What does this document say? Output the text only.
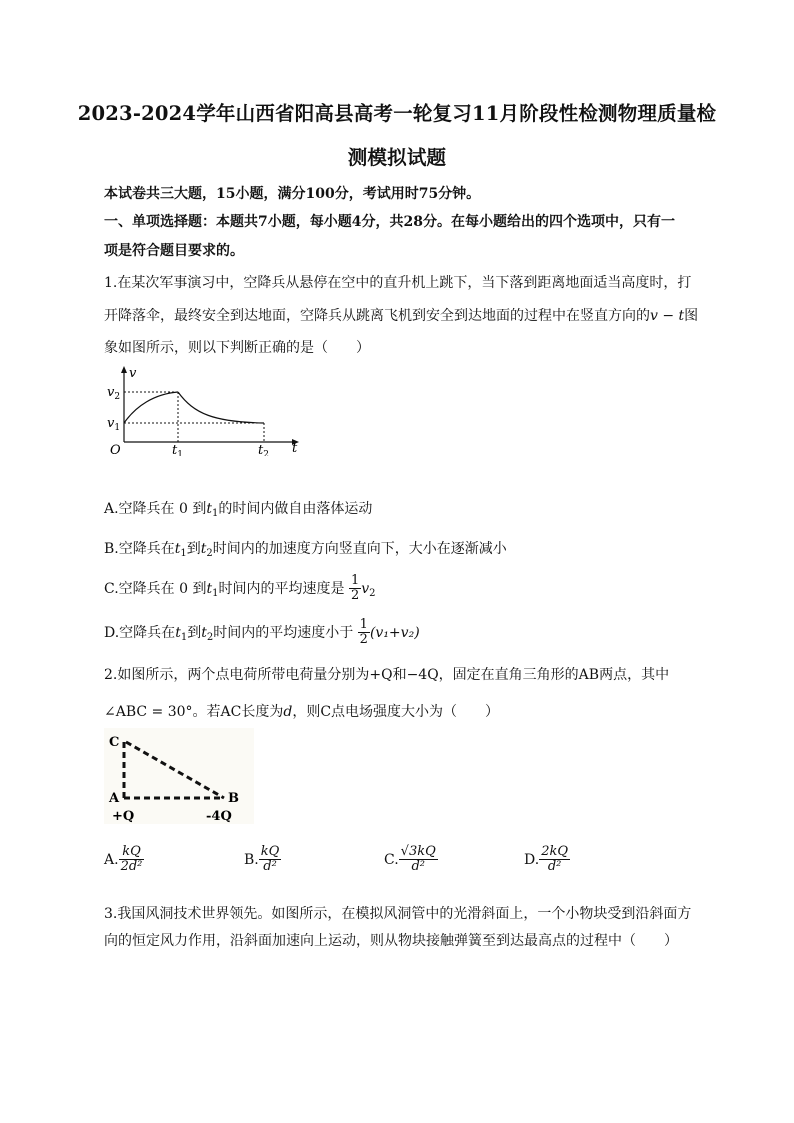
2023-2024学年山西省阳高县高考一轮复习11月阶段性检测物理质量检
测模拟试题
本试卷共三大题，15小题，满分100分，考试用时75分钟。
一、单项选择题：本题共7小题，每小题4分，共28分。在每小题给出的四个选项中，只有一
项是符合题目要求的。
1.在某次军事演习中，空降兵从悬停在空中的直升机上跳下，当下落到距离地面适当高度时，打
开降落伞，最终安全到达地面，空降兵从跳离飞机到安全到达地面的过程中在竖直方向的v − t图
象如图所示，则以下判断正确的是（　　）
v
t
O
$v_2$
$v_1$
$t_1$	$t_2$
A.空降兵在 0 到$t_1$的时间内做自由落体运动
B.空降兵在$t_1$到$t_2$时间内的加速度方向竖直向下，大小在逐渐减小
C.空降兵在 0 到$t_1$时间内的平均速度是 $\frac{1}{2} v_2$
D.空降兵在$t_1$到$t_2$时间内的平均速度小于 $\frac{1}{2} (v_1+v_2)$
2.如图所示，两个点电荷所带电荷量分别为+Q和−4Q，固定在直角三角形的AB两点，其中
∠ABC = 30°。若AC长度为d，则C点电场强度大小为（　　）
C
A	B
+Q	-4Q
A. $\frac{kQ}{\text{2d²}}$	B. $\frac{kQ}{\text{d²}}$	C. $\frac{√3kQ}{\text{d²}}$	D. $\frac{2kQ}{\text{d²}}$
3.我国风洞技术世界领先。如图所示，在模拟风洞管中的光滑斜面上，一个小物块受到沿斜面方
向的恒定风力作用，沿斜面加速向上运动，则从物块接触弹簧至到达最高点的过程中（　　）
